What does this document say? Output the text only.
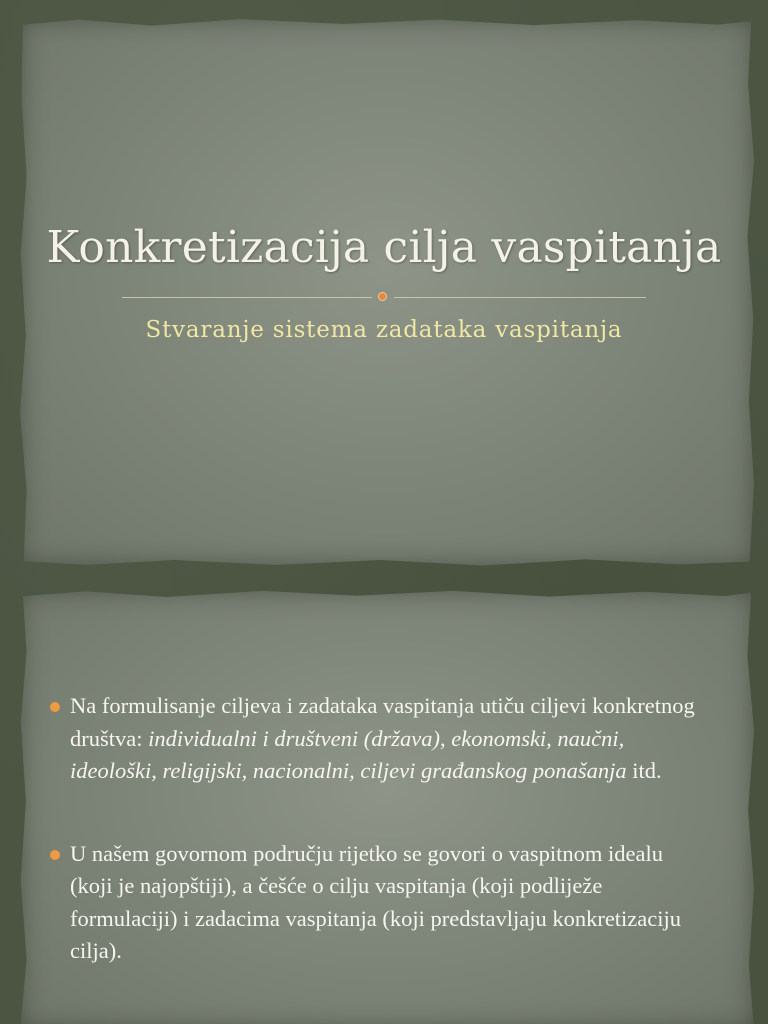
Konkretizacija cilja vaspitanja
Stvaranje sistema zadataka vaspitanja
Na formulisanje ciljeva i zadataka vaspitanja utiču ciljevi konkretnog društva: individualni i društveni (država), ekonomski, naučni, ideološki, religijski, nacionalni, ciljevi građanskog ponašanja itd.
U našem govornom području rijetko se govori o vaspitnom idealu (koji je najopštiji), a češće o cilju vaspitanja (koji podliježe formulaciji) i zadacima vaspitanja (koji predstavljaju konkretizaciju cilja).
